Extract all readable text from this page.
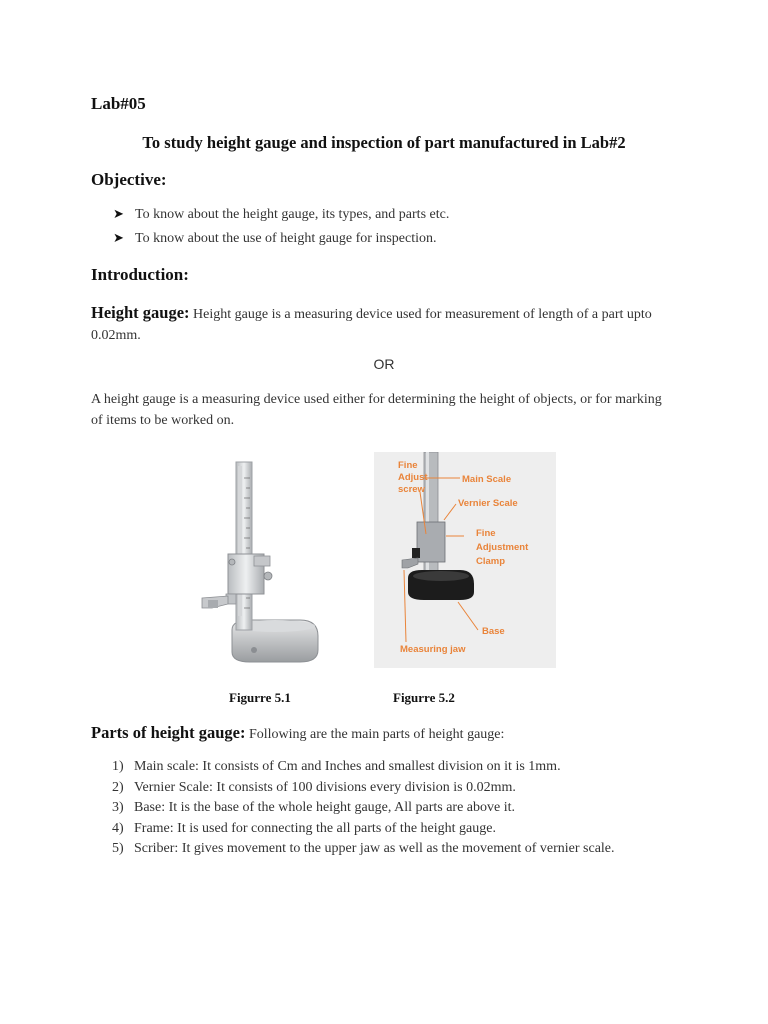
Lab#05
To study height gauge and inspection of part manufactured in Lab#2
Objective:
➤ To know about the height gauge, its types, and parts etc.
➤ To know about the use of height gauge for inspection.
Introduction:
Height gauge: Height gauge is a measuring device used for measurement of length of a part upto 0.02mm.
OR
A height gauge is a measuring device used either for determining the height of objects, or for marking of items to be worked on.
Fine
Adjust
screw
Main Scale
Vernier Scale
Fine
Adjustment
Clamp
Base
Measuring jaw
Figurre 5.1	Figurre 5.2
Parts of height gauge: Following are the main parts of height gauge:
1) Main scale: It consists of Cm and Inches and smallest division on it is 1mm.
2) Vernier Scale: It consists of 100 divisions every division is 0.02mm.
3) Base: It is the base of the whole height gauge, All parts are above it.
4) Frame: It is used for connecting the all parts of the height gauge.
5) Scriber: It gives movement to the upper jaw as well as the movement of vernier scale.
